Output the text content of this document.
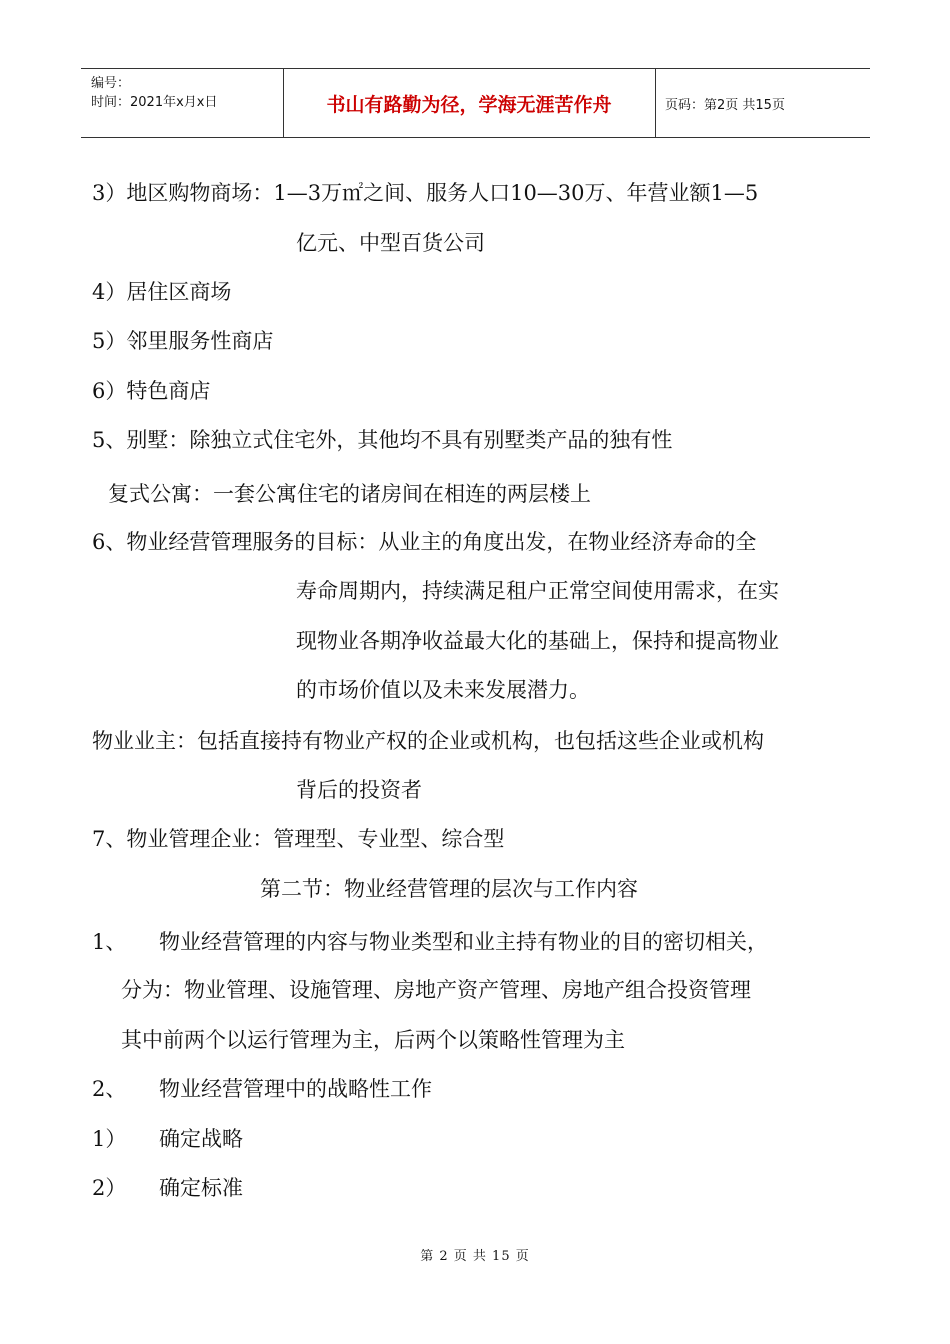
编号：
时间：2021年x月x日	书山有路勤为径，学海无涯苦作舟	页码：第2页 共15页
3）地区购物商场：1—3万㎡之间、服务人口10—30万、年营业额1—5
亿元、中型百货公司
4）居住区商场
5）邻里服务性商店
6）特色商店
5、别墅：除独立式住宅外，其他均不具有别墅类产品的独有性
复式公寓：一套公寓住宅的诸房间在相连的两层楼上
6、物业经营管理服务的目标：从业主的角度出发，在物业经济寿命的全
寿命周期内，持续满足租户正常空间使用需求，在实
现物业各期净收益最大化的基础上，保持和提高物业
的市场价值以及未来发展潜力。
物业业主：包括直接持有物业产权的企业或机构，也包括这些企业或机构
背后的投资者
7、物业管理企业：管理型、专业型、综合型
第二节：物业经营管理的层次与工作内容
1、 物业经营管理的内容与物业类型和业主持有物业的目的密切相关，
分为：物业管理、设施管理、房地产资产管理、房地产组合投资管理
其中前两个以运行管理为主，后两个以策略性管理为主
2、 物业经营管理中的战略性工作
1） 确定战略
2） 确定标准
第 2 页 共 15 页
